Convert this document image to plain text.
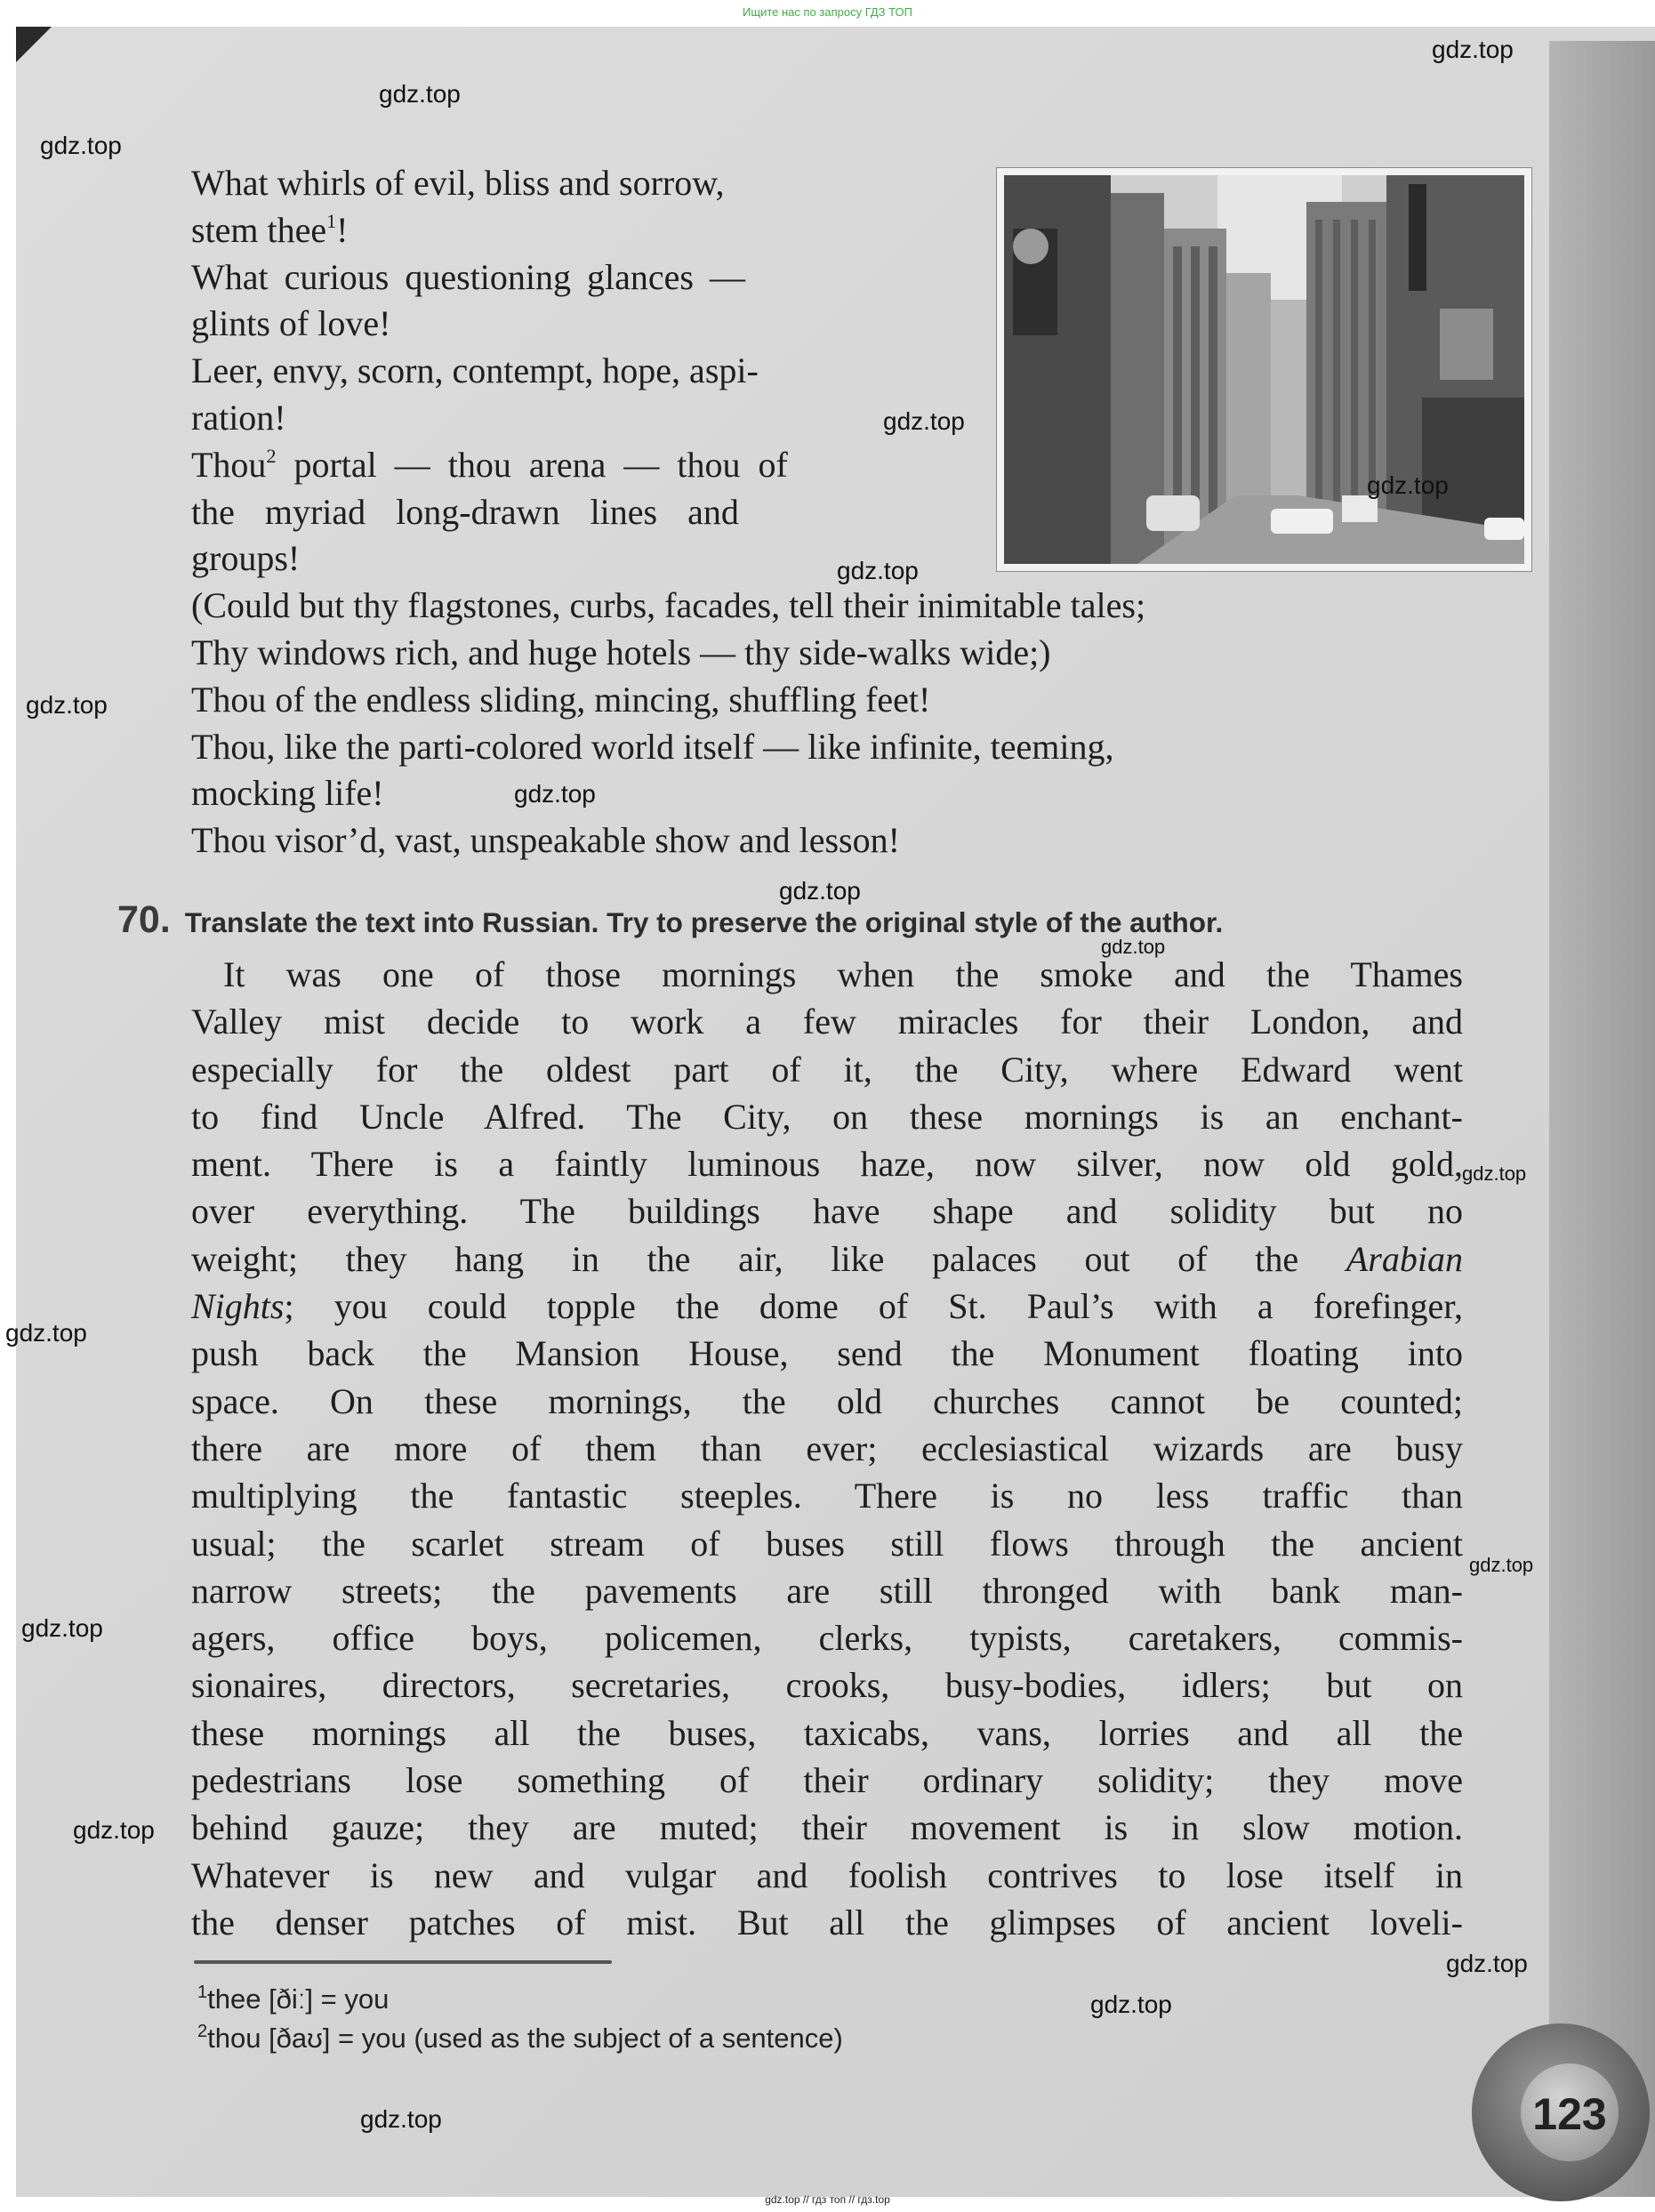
Ищите нас по запросу ГДЗ ТОП
What whirls of evil, bliss and sorrow,
stem thee$^1$!
What curious questioning glances —
glints of love!
Leer, envy, scorn, contempt, hope, aspi-
ration!
Thou$^2$ portal — thou arena — thou of
the myriad long-drawn lines and
groups!
(Could but thy flagstones, curbs, facades, tell their inimitable tales;
Thy windows rich, and huge hotels — thy side-walks wide;)
Thou of the endless sliding, mincing, shuffling feet!
Thou, like the parti-colored world itself — like infinite, teeming,
mocking life!
Thou visor’d, vast, unspeakable show and lesson!
70. Translate the text into Russian. Try to preserve the original style of the author.
It was one of those mornings when the smoke and the Thames
Valley mist decide to work a few miracles for their London, and
especially for the oldest part of it, the City, where Edward went
to find Uncle Alfred. The City, on these mornings is an enchant-
ment. There is a faintly luminous haze, now silver, now old gold,
over everything. The buildings have shape and solidity but no
weight; they hang in the air, like palaces out of the Arabian
Nights; you could topple the dome of St. Paul’s with a forefinger,
push back the Mansion House, send the Monument floating into
space. On these mornings, the old churches cannot be counted;
there are more of them than ever; ecclesiastical wizards are busy
multiplying the fantastic steeples. There is no less traffic than
usual; the scarlet stream of buses still flows through the ancient
narrow streets; the pavements are still thronged with bank man-
agers, office boys, policemen, clerks, typists, caretakers, commis-
sionaires, directors, secretaries, crooks, busy-bodies, idlers; but on
these mornings all the buses, taxicabs, vans, lorries and all the
pedestrians lose something of their ordinary solidity; they move
behind gauze; they are muted; their movement is in slow motion.
Whatever is new and vulgar and foolish contrives to lose itself in
the denser patches of mist. But all the glimpses of ancient loveli-
$^1$thee [ðiː] = you
$^2$thou [ðaʊ] = you (used as the subject of a sentence)
123
gdz.top
gdz.top
gdz.top
gdz.top
gdz.top
gdz.top
gdz.top
gdz.top
gdz.top
gdz.top
gdz.top
gdz.top
gdz.top
gdz.top
gdz.top
gdz.top
gdz.top
gdz.top
gdz.top // гдз топ // гдз.top
